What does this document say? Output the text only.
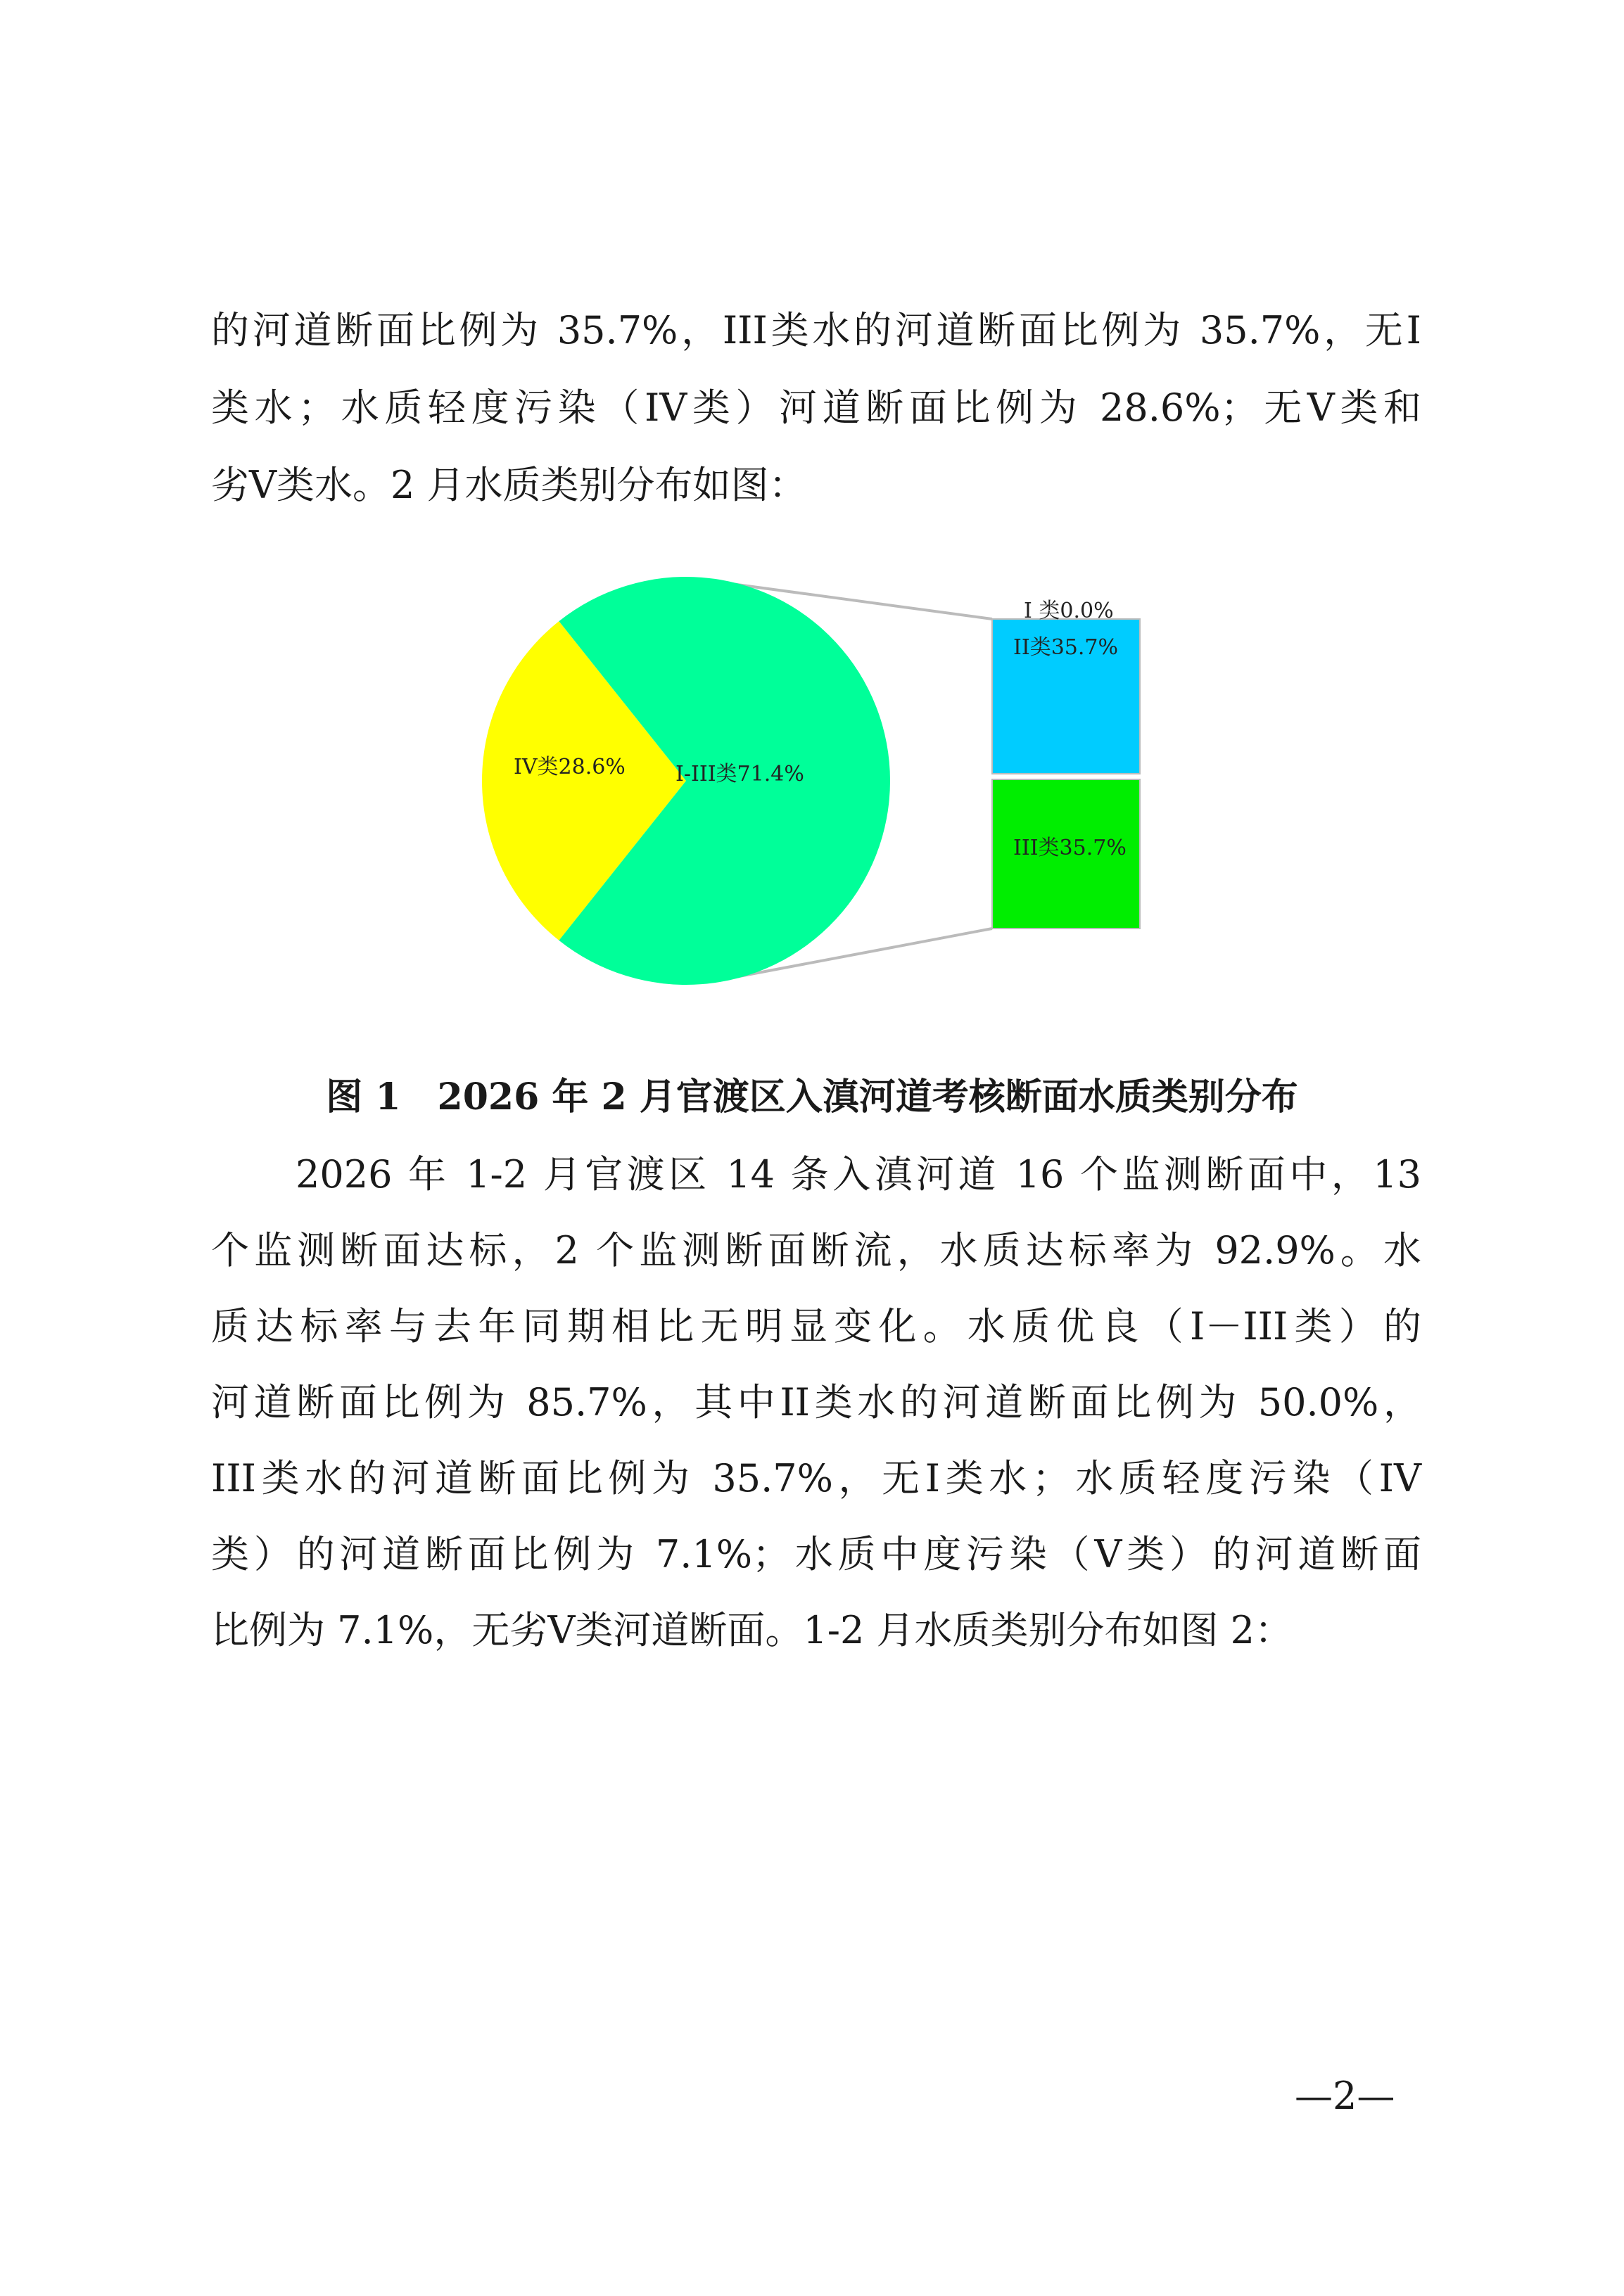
的河道断面比例为 35.7%，III类水的河道断面比例为 35.7%，无I
类水；水质轻度污染（IV类）河道断面比例为 28.6%；无V类和
劣V类水。2 月水质类别分布如图：
IV类28.6% I-III类71.4%
I 类0.0%
II类35.7%
III类35.7%
图 1　2026 年 2 月官渡区入滇河道考核断面水质类别分布
2026 年 1-2 月官渡区 14 条入滇河道 16 个监测断面中，13
个监测断面达标，2 个监测断面断流，水质达标率为 92.9%。水
质达标率与去年同期相比无明显变化。水质优良（I－III类）的
河道断面比例为 85.7%，其中II类水的河道断面比例为 50.0%，
III类水的河道断面比例为 35.7%，无I类水；水质轻度污染（IV
类）的河道断面比例为 7.1%；水质中度污染（V类）的河道断面
比例为 7.1%，无劣V类河道断面。1-2 月水质类别分布如图 2：
—2—
